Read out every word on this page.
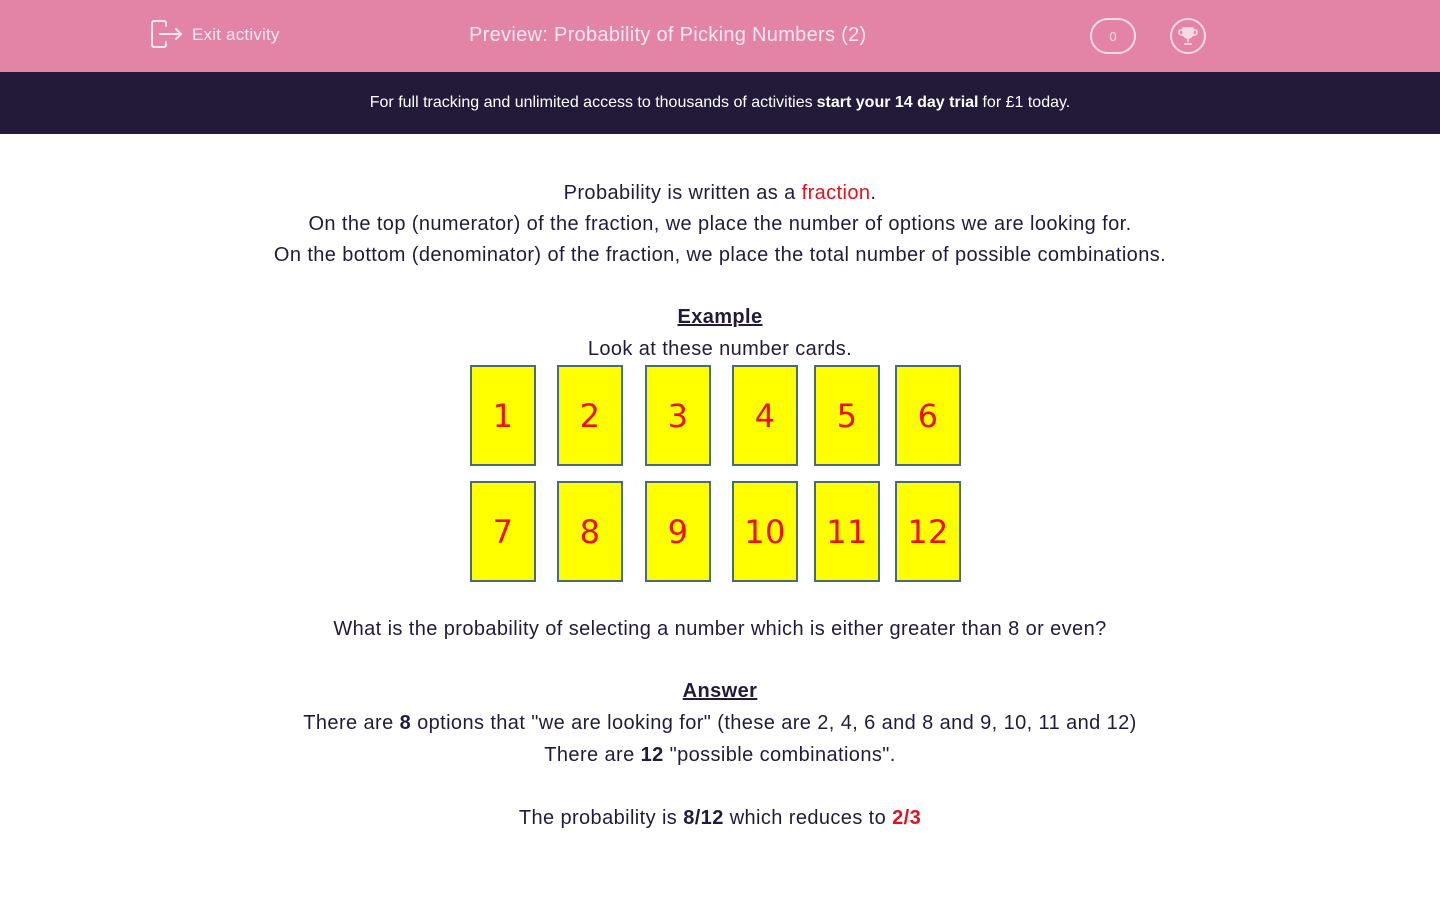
Exit activity	Preview: Probability of Picking Numbers (2)	0
For full tracking and unlimited access to thousands of activities start your 14 day trial for £1 today.
Probability is written as a fraction.
On the top (numerator) of the fraction, we place the number of options we are looking for.
On the bottom (denominator) of the fraction, we place the total number of possible combinations.
Example
Look at these number cards.
1	2	3	4	5	6
7	8	9	10	11	12
What is the probability of selecting a number which is either greater than 8 or even?
Answer
There are 8 options that "we are looking for" (these are 2, 4, 6 and 8 and 9, 10, 11 and 12)
There are 12 "possible combinations".
The probability is 8/12 which reduces to 2/3
